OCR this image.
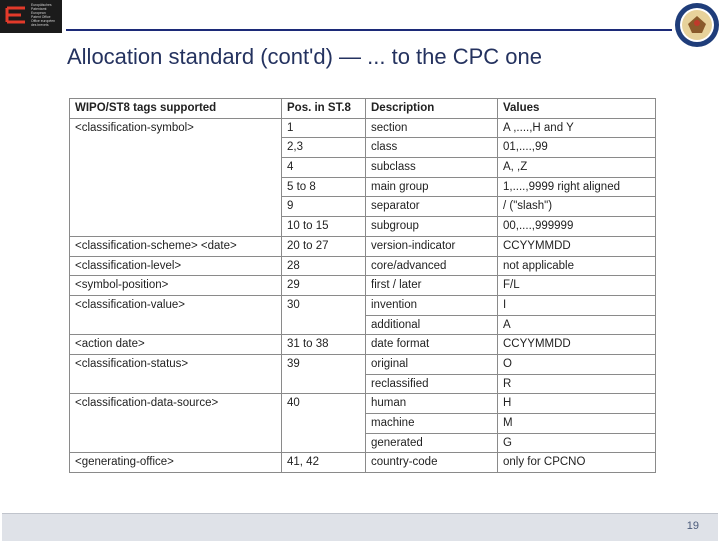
Europäisches
Patentamt
European
Patent Office
Office européen
des brevets
Allocation standard (cont'd) — ... to the CPC one
WIPO/ST8 tags supported	Pos. in ST.8	Description	Values
<classification-symbol>	1	section	A ,....,H and Y
	2,3	class	01,....,99
	4	subclass	A, ,Z
	5 to 8	main group	1,....,9999 right aligned
	9	separator	/ ("slash")
	10 to 15	subgroup	00,....,999999
<classification-scheme> <date>	20 to 27	version-indicator	CCYYMMDD
<classification-level>	28	core/advanced	not applicable
<symbol-position>	29	first / later	F/L
<classification-value>	30	invention	I
		additional	A
<action date>	31 to 38	date format	CCYYMMDD
<classification-status>	39	original	O
		reclassified	R
<classification-data-source>	40	human	H
		machine	M
		generated	G
<generating-office>	41, 42	country-code	only for CPCNO
19
